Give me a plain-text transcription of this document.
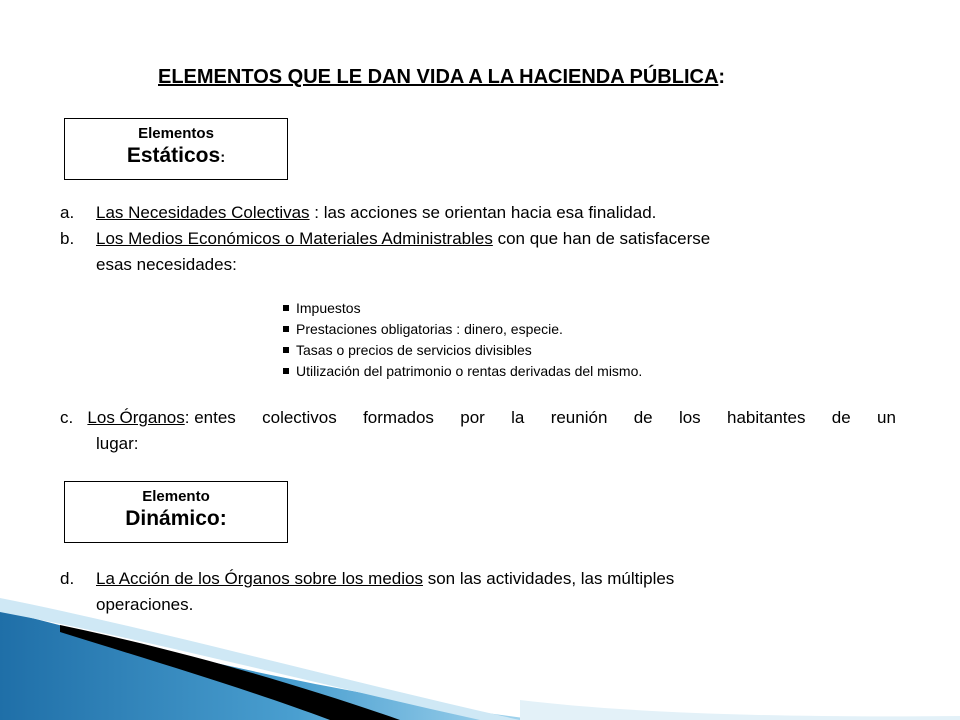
ELEMENTOS QUE LE DAN VIDA A LA HACIENDA PÚBLICA:
Elementos
Estáticos:
a. Las Necesidades Colectivas : las acciones se orientan hacia esa finalidad.
b. Los Medios Económicos o Materiales Administrables con que han de satisfacerse
esas necesidades:
Impuestos
Prestaciones obligatorias : dinero, especie.
Tasas o precios de servicios divisibles
Utilización del patrimonio o rentas derivadas del mismo.
c. Los Órganos: entes colectivos formados por la reunión de los habitantes de un
lugar:
Elemento
Dinámico:
d. La Acción de los Órganos sobre los medios son las actividades, las múltiples
operaciones.
